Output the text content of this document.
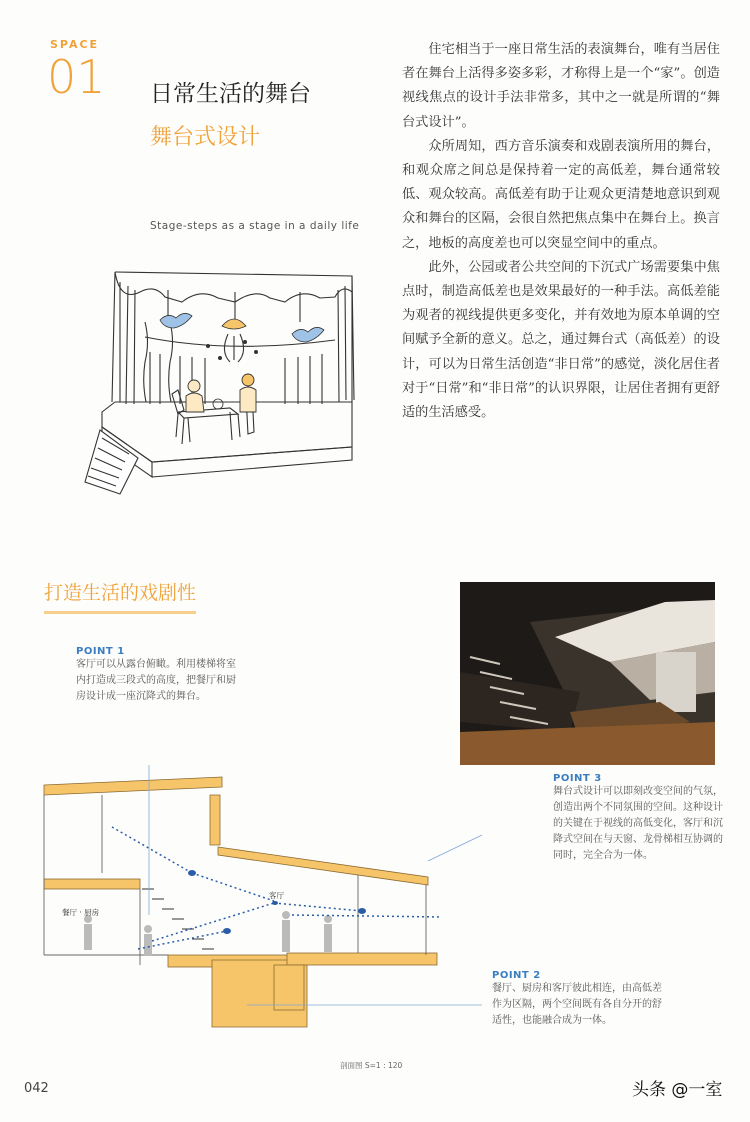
SPACE
01 日常生活的舞台
舞台式设计
Stage-steps as a stage in a daily life

住宅相当于一座日常生活的表演舞台，唯有当居住者在舞台上活得多姿多彩，才称得上是一个“家”。创造视线焦点的设计手法非常多，其中之一就是所谓的“舞台式设计”。

众所周知，西方音乐演奏和戏剧表演所用的舞台，和观众席之间总是保持着一定的高低差，舞台通常较低、观众较高。高低差有助于让观众更清楚地意识到观众和舞台的区隔，会很自然把焦点集中在舞台上。换言之，地板的高度差也可以突显空间中的重点。

此外，公园或者公共空间的下沉式广场需要集中焦点时，制造高低差也是效果最好的一种手法。高低差能为观者的视线提供更多变化，并有效地为原本单调的空间赋予全新的意义。总之，通过舞台式（高低差）的设计，可以为日常生活创造“非日常”的感觉，淡化居住者对于“日常”和“非日常”的认识界限，让居住者拥有更舒适的生活感受。

打造生活的戏剧性
餐厅 · 厨房
客厅
POINT 1
客厅可以从露台俯瞰。利用楼梯将室内打造成三段式的高度，把餐厅和厨房设计成一座沉降式的舞台。
POINT 3
舞台式设计可以即刻改变空间的气氛，创造出两个不同氛围的空间。这种设计的关键在于视线的高低变化，客厅和沉降式空间在与天窗、龙骨梯相互协调的同时，完全合为一体。
POINT 2
餐厅、厨房和客厅彼此相连，由高低差作为区隔，两个空间既有各自分开的舒适性，也能融合成为一体。
剖面图 S=1 : 120
042	头条 @一室
